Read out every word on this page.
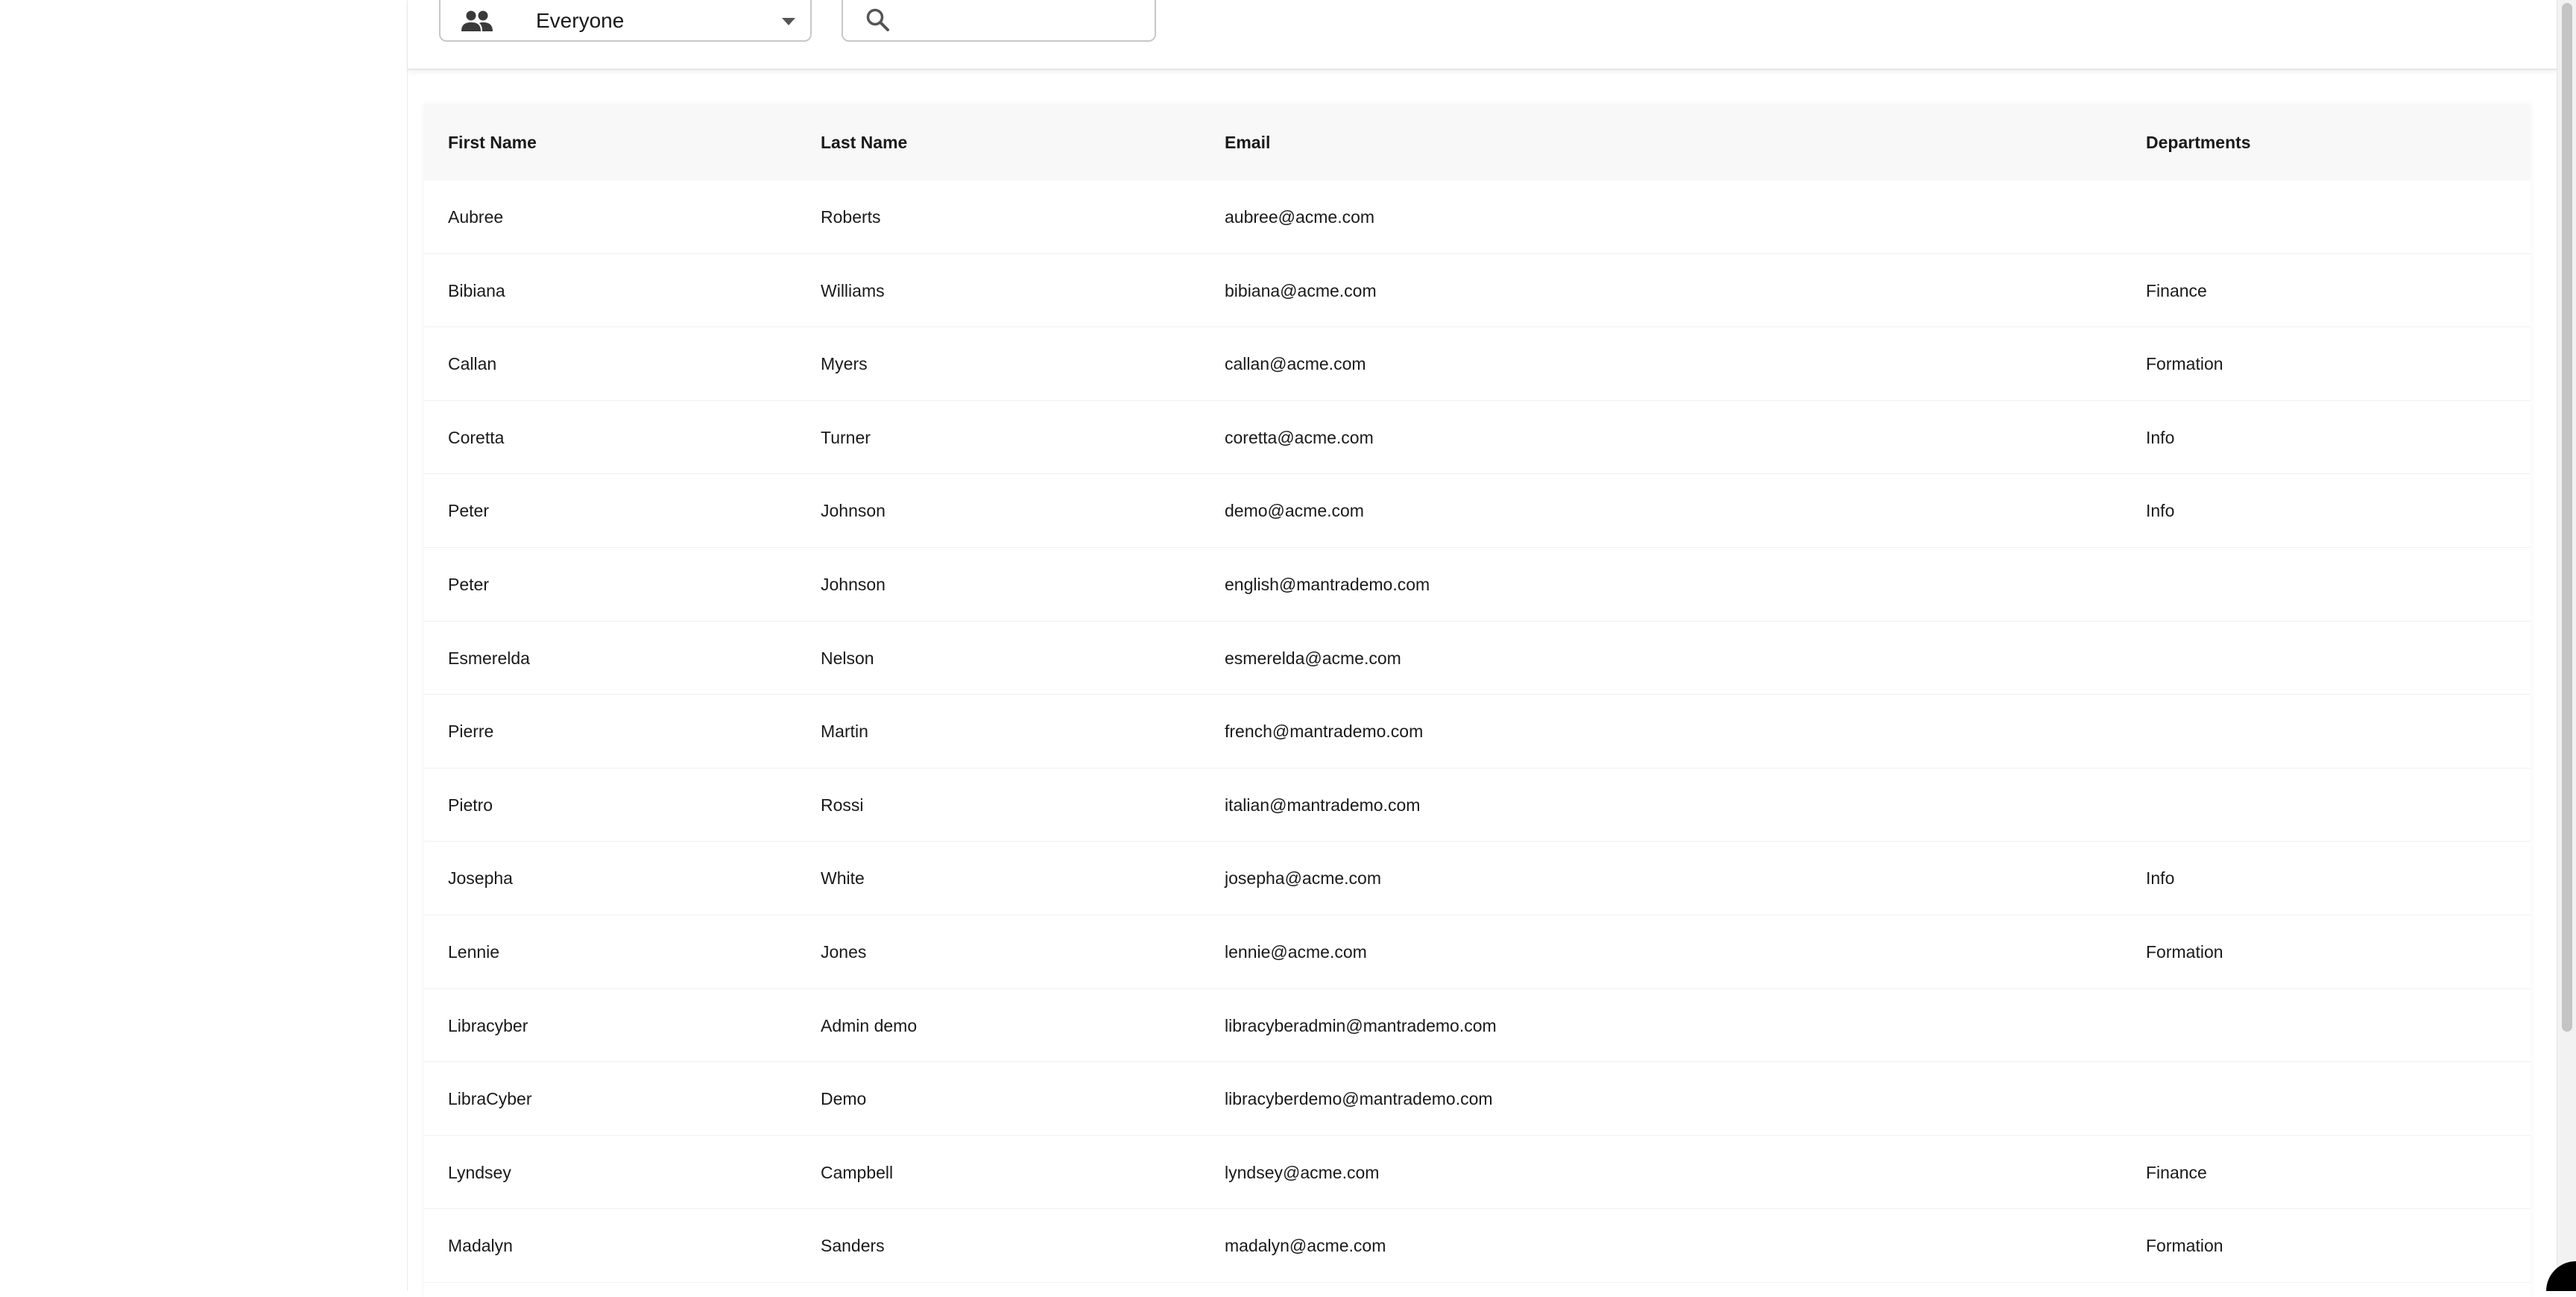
Everyone
First Name	Last Name	Email	Departments
Aubree	Roberts	aubree@acme.com
Bibiana	Williams	bibiana@acme.com	Finance
Callan	Myers	callan@acme.com	Formation
Coretta	Turner	coretta@acme.com	Info
Peter	Johnson	demo@acme.com	Info
Peter	Johnson	english@mantrademo.com
Esmerelda	Nelson	esmerelda@acme.com
Pierre	Martin	french@mantrademo.com
Pietro	Rossi	italian@mantrademo.com
Josepha	White	josepha@acme.com	Info
Lennie	Jones	lennie@acme.com	Formation
Libracyber	Admin demo	libracyberadmin@mantrademo.com
LibraCyber	Demo	libracyberdemo@mantrademo.com
Lyndsey	Campbell	lyndsey@acme.com	Finance
Madalyn	Sanders	madalyn@acme.com	Formation
